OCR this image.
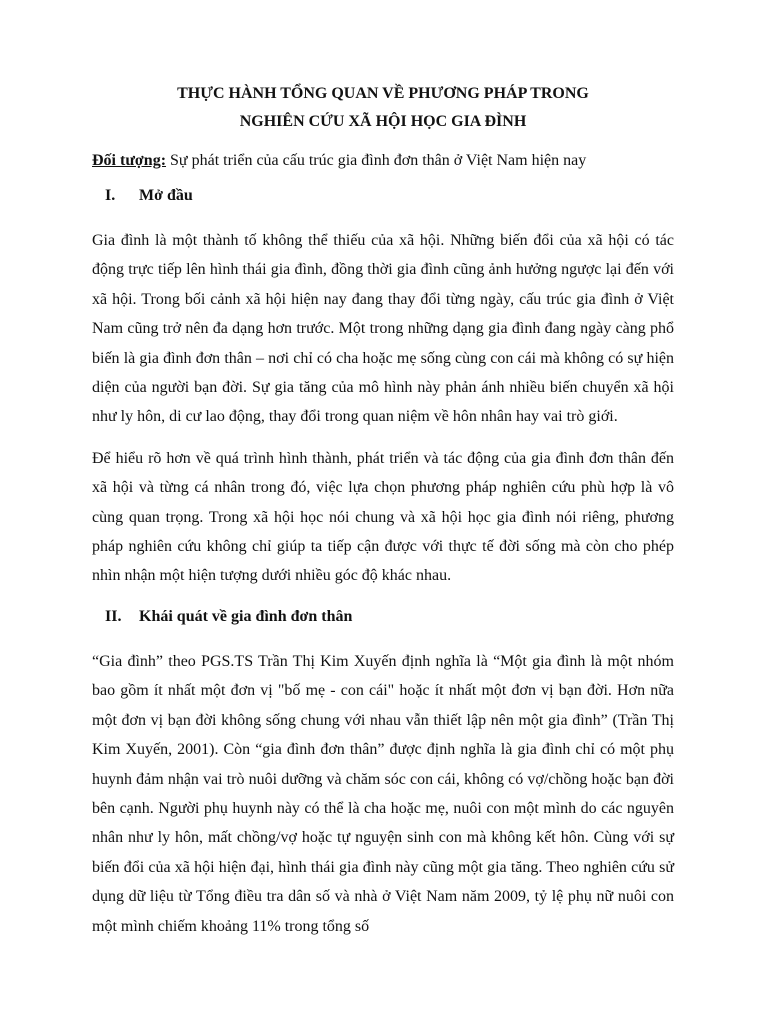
THỰC HÀNH TỔNG QUAN VỀ PHƯƠNG PHÁP TRONG

NGHIÊN CỨU XÃ HỘI HỌC GIA ĐÌNH

Đối tượng: Sự phát triển của cấu trúc gia đình đơn thân ở Việt Nam hiện nay

I.	Mở đầu

Gia đình là một thành tố không thể thiếu của xã hội. Những biến đổi của xã hội có tác động trực tiếp lên hình thái gia đình, đồng thời gia đình cũng ảnh hưởng ngược lại đến với xã hội. Trong bối cảnh xã hội hiện nay đang thay đổi từng ngày, cấu trúc gia đình ở Việt Nam cũng trở nên đa dạng hơn trước. Một trong những dạng gia đình đang ngày càng phổ biến là gia đình đơn thân – nơi chỉ có cha hoặc mẹ sống cùng con cái mà không có sự hiện diện của người bạn đời. Sự gia tăng của mô hình này phản ánh nhiều biến chuyển xã hội như ly hôn, di cư lao động, thay đổi trong quan niệm về hôn nhân hay vai trò giới.

Để hiểu rõ hơn về quá trình hình thành, phát triển và tác động của gia đình đơn thân đến xã hội và từng cá nhân trong đó, việc lựa chọn phương pháp nghiên cứu phù hợp là vô cùng quan trọng. Trong xã hội học nói chung và xã hội học gia đình nói riêng, phương pháp nghiên cứu không chỉ giúp ta tiếp cận được với thực tế đời sống mà còn cho phép nhìn nhận một hiện tượng dưới nhiều góc độ khác nhau.

II.	Khái quát về gia đình đơn thân

“Gia đình” theo PGS.TS Trần Thị Kim Xuyến định nghĩa là “Một gia đình là một nhóm bao gồm ít nhất một đơn vị "bố mẹ - con cái" hoặc ít nhất một đơn vị bạn đời. Hơn nữa một đơn vị bạn đời không sống chung với nhau vẫn thiết lập nên một gia đình” (Trần Thị Kim Xuyến, 2001). Còn “gia đình đơn thân” được định nghĩa là gia đình chỉ có một phụ huynh đảm nhận vai trò nuôi dưỡng và chăm sóc con cái, không có vợ/chồng hoặc bạn đời bên cạnh. Người phụ huynh này có thể là cha hoặc mẹ, nuôi con một mình do các nguyên nhân như ly hôn, mất chồng/vợ hoặc tự nguyện sinh con mà không kết hôn. Cùng với sự biến đổi của xã hội hiện đại, hình thái gia đình này cũng một gia tăng. Theo nghiên cứu sử dụng dữ liệu từ Tổng điều tra dân số và nhà ở Việt Nam năm 2009, tỷ lệ phụ nữ nuôi con một mình chiếm khoảng 11% trong tổng số
